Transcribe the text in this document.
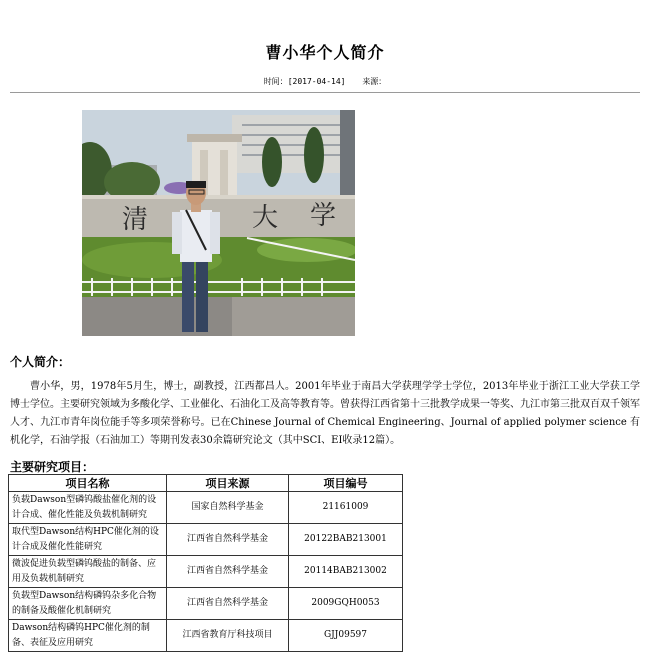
曹小华个人简介
时间：[2017-04-14] 来源：
清	大 学
个人简介：
曹小华，男，1978年5月生，博士，副教授，江西都昌人。2001年毕业于南昌大学获理学学士学位，2013年毕业于浙江工业大学获工学博士学位。主要研究领域为多酸化学、工业催化、石油化工及高等教育等。曾获得江西省第十三批教学成果一等奖、九江市第三批双百双千领军人才、九江市青年岗位能手等多项荣誉称号。已在Chinese Journal of Chemical Engineering、Journal of applied polymer science 有机化学，石油学报（石油加工）等期刊发表30余篇研究论文（其中SCI、EI收录12篇）。
主要研究项目：
项目名称	项目来源	项目编号
负载Dawson型磷钨酸盐催化剂的设计合成、催化性能及负载机制研究	国家自然科学基金	21161009
取代型Dawson结构HPC催化剂的设计合成及催化性能研究	江西省自然科学基金	20122BAB213001
微波促进负载型磷钨酸盐的制备、应用及负载机制研究	江西省自然科学基金	20114BAB213002
负载型Dawson结构磷钨杂多化合物的制备及酸催化机制研究	江西省自然科学基金	2009GQH0053
Dawson结构磷钨HPC催化剂的制备、表征及应用研究	江西省教育厅科技项目	GJJ09597
